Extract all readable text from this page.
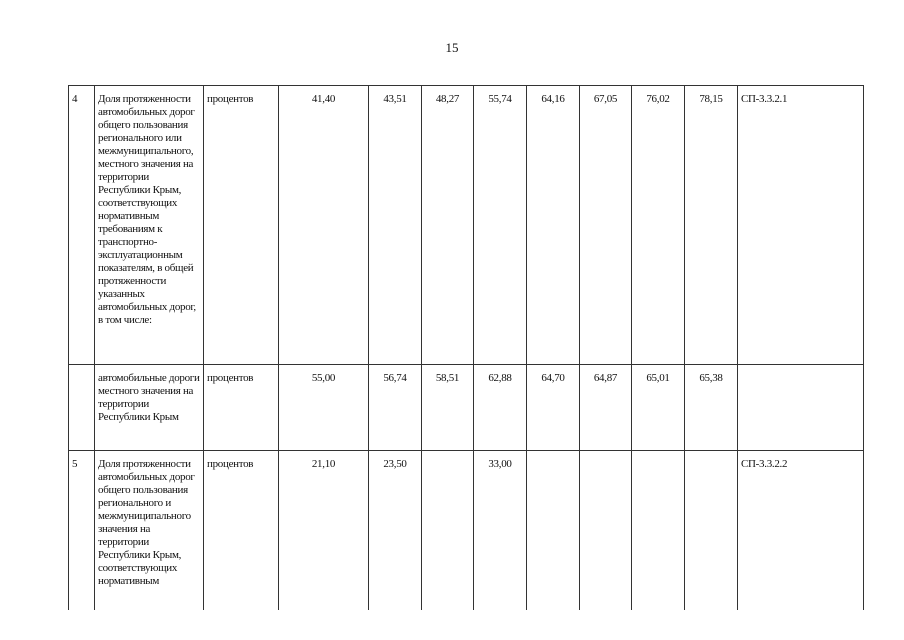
15
4	Доля протяженности автомобильных дорог общего пользования регионального или межмуниципального, местного значения на территории Республики Крым, соответствующих нормативным требованиям к транспортно-эксплуатационным показателям, в общей протяженности указанных автомобильных дорог, в том числе:	процентов	41,40	43,51	48,27	55,74	64,16	67,05	76,02	78,15	СП-3.3.2.1
	автомобильные дороги местного значения на территории Республики Крым	процентов	55,00	56,74	58,51	62,88	64,70	64,87	65,01	65,38	
5	Доля протяженности автомобильных дорог общего пользования регионального и межмуниципального значения на территории Республики Крым, соответствующих нормативным	процентов	21,10	23,50		33,00					СП-3.3.2.2
